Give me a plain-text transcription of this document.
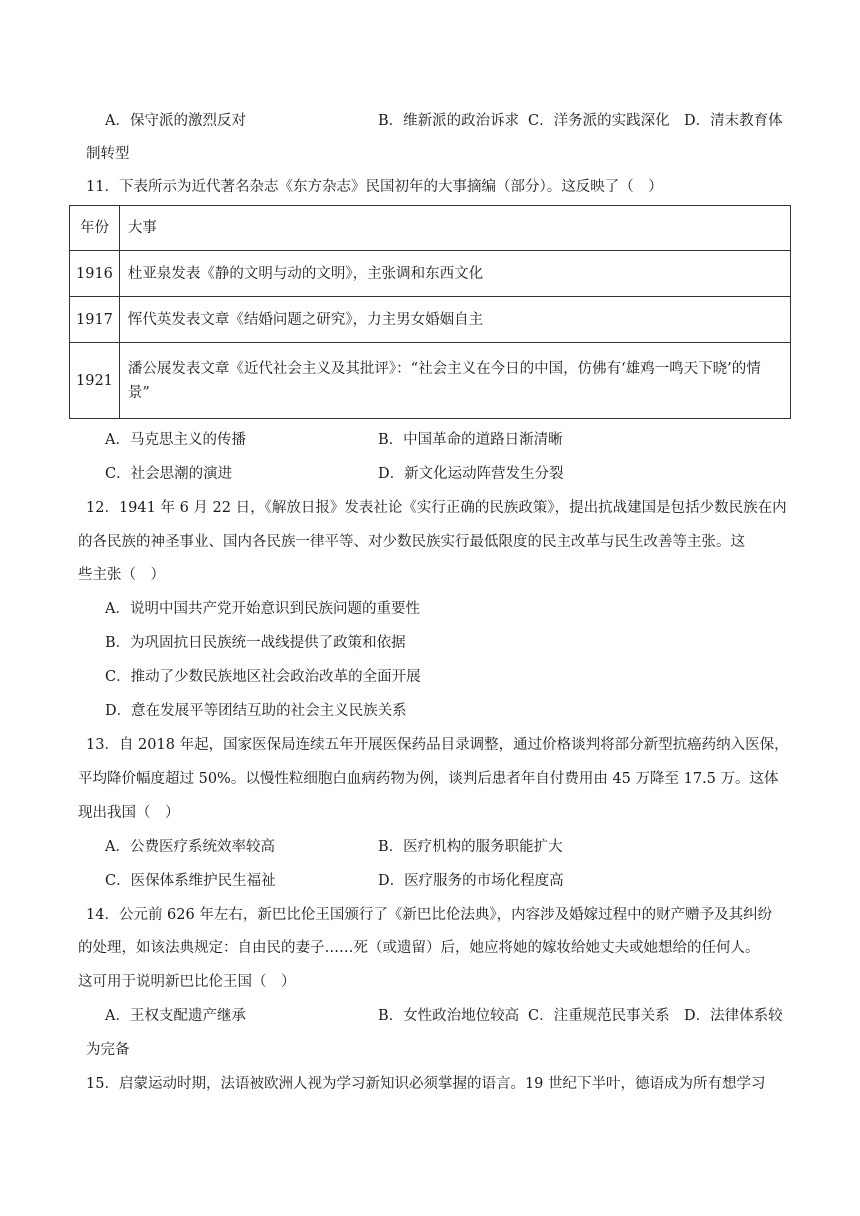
A．保守派的激烈反对	B．维新派的政治诉求 C．洋务派的实践深化 D．清末教育体
制转型
11．下表所示为近代著名杂志《东方杂志》民国初年的大事摘编（部分）。这反映了（　）
年份	大事
1916	杜亚泉发表《静的文明与动的文明》，主张调和东西文化
1917	恽代英发表文章《结婚问题之研究》，力主男女婚姻自主
1921	潘公展发表文章《近代社会主义及其批评》：“社会主义在今日的中国，仿佛有‘雄鸡一鸣天下晓’的情景”
A．马克思主义的传播	B．中国革命的道路日渐清晰
C．社会思潮的演进	D．新文化运动阵营发生分裂
12．1941 年 6 月 22 日，《解放日报》发表社论《实行正确的民族政策》，提出抗战建国是包括少数民族在内
的各民族的神圣事业、国内各民族一律平等、对少数民族实行最低限度的民主改革与民生改善等主张。这
些主张（　）
A．说明中国共产党开始意识到民族问题的重要性
B．为巩固抗日民族统一战线提供了政策和依据
C．推动了少数民族地区社会政治改革的全面开展
D．意在发展平等团结互助的社会主义民族关系
13．自 2018 年起，国家医保局连续五年开展医保药品目录调整，通过价格谈判将部分新型抗癌药纳入医保，
平均降价幅度超过 50%。以慢性粒细胞白血病药物为例，谈判后患者年自付费用由 45 万降至 17.5 万。这体
现出我国（　）
A．公费医疗系统效率较高	B．医疗机构的服务职能扩大
C．医保体系维护民生福祉	D．医疗服务的市场化程度高
14．公元前 626 年左右，新巴比伦王国颁行了《新巴比伦法典》，内容涉及婚嫁过程中的财产赠予及其纠纷
的处理，如该法典规定：自由民的妻子……死（或遗留）后，她应将她的嫁妆给她丈夫或她想给的任何人。
这可用于说明新巴比伦王国（　）
A．王权支配遗产继承	B．女性政治地位较高 C．注重规范民事关系 D．法律体系较
为完备
15．启蒙运动时期，法语被欧洲人视为学习新知识必须掌握的语言。19 世纪下半叶，德语成为所有想学习
